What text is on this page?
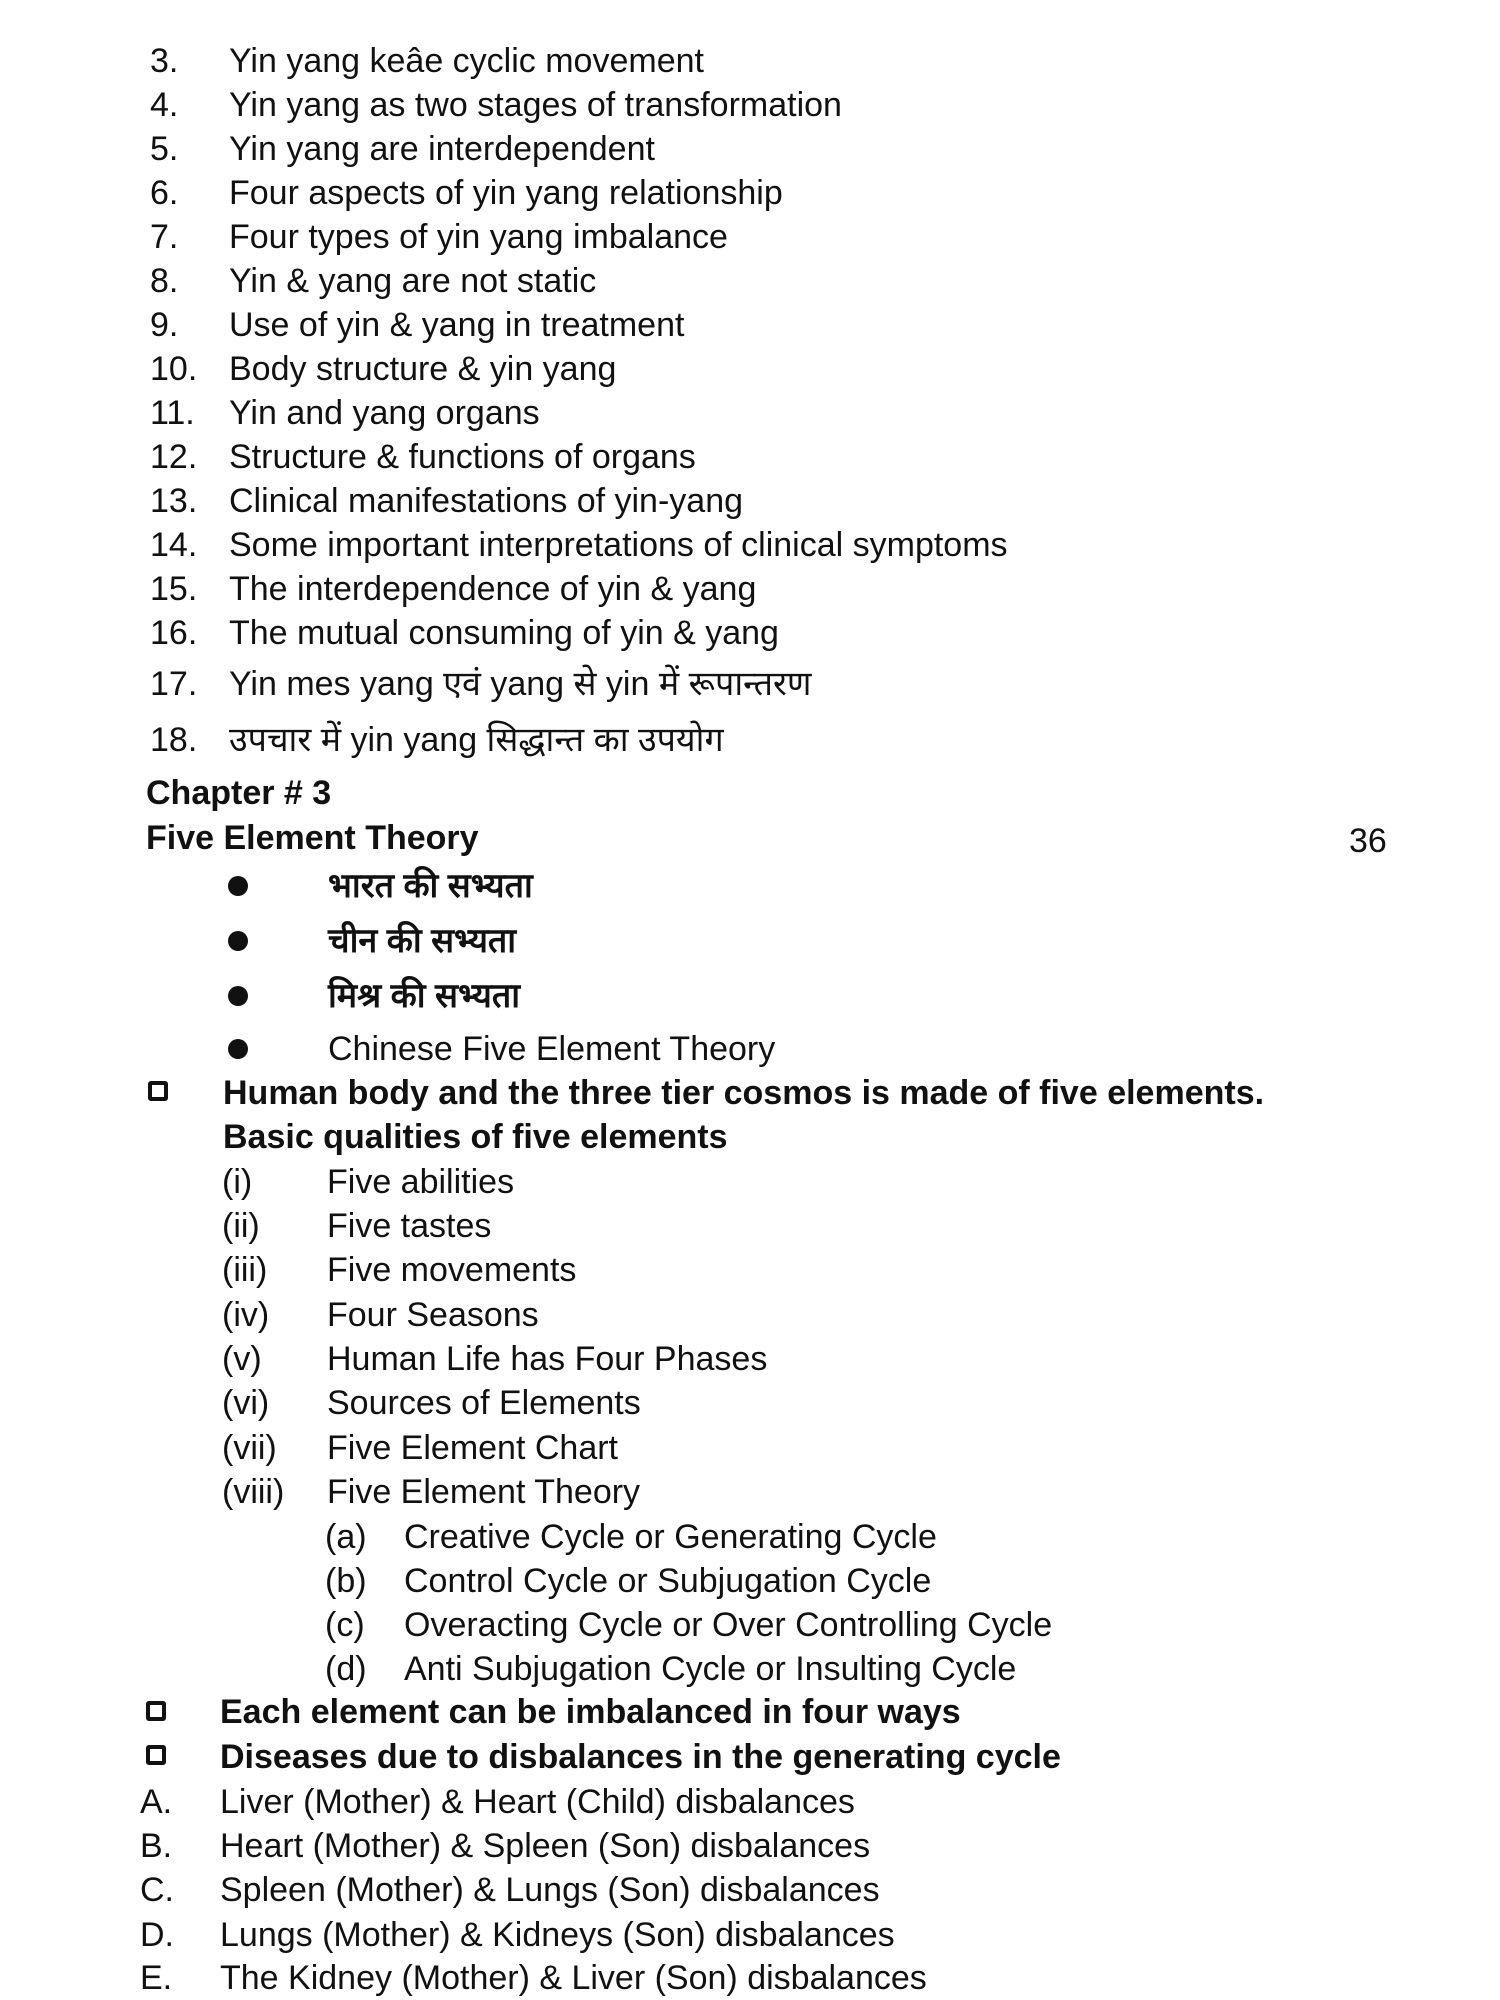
3. Yin yang keâe cyclic movement
4. Yin yang as two stages of transformation
5. Yin yang are interdependent
6. Four aspects of yin yang relationship
7. Four types of yin yang imbalance
8. Yin & yang are not static
9. Use of yin & yang in treatment
10. Body structure & yin yang
11. Yin and yang organs
12. Structure & functions of organs
13. Clinical manifestations of yin-yang
14. Some important interpretations of clinical symptoms
15. The interdependence of yin & yang
16. The mutual consuming of yin & yang
17. Yin mes yang एवं yang से yin में रूपान्तरण
18. उपचार में yin yang सिद्धान्त का उपयोग
Chapter # 3
Five Element Theory	36
भारत की सभ्यता
चीन की सभ्यता
मिश्र की सभ्यता
Chinese Five Element Theory
Human body and the three tier cosmos is made of five elements.
Basic qualities of five elements
(i) Five abilities
(ii) Five tastes
(iii) Five movements
(iv) Four Seasons
(v) Human Life has Four Phases
(vi) Sources of Elements
(vii) Five Element Chart
(viii) Five Element Theory
(a) Creative Cycle or Generating Cycle
(b) Control Cycle or Subjugation Cycle
(c) Overacting Cycle or Over Controlling Cycle
(d) Anti Subjugation Cycle or Insulting Cycle
Each element can be imbalanced in four ways
Diseases due to disbalances in the generating cycle
A. Liver (Mother) & Heart (Child) disbalances
B. Heart (Mother) & Spleen (Son) disbalances
C. Spleen (Mother) & Lungs (Son) disbalances
D. Lungs (Mother) & Kidneys (Son) disbalances
E. The Kidney (Mother) & Liver (Son) disbalances
